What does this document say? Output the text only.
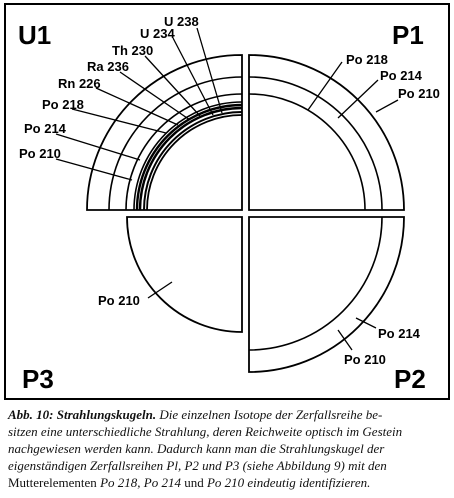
U1	P1
P3	P2
U 238
U 234
Th 230
Ra 236
Rn 226
Po 218
Po 214
Po 210
Po 218
Po 214
Po 210
Po 210
Po 214
Po 210
Abb. 10: Strahlungskugeln. Die einzelnen Isotope der Zerfallsreihe be-
sitzen eine unterschiedliche Strahlung, deren Reichweite optisch im Gestein
nachgewiesen werden kann. Dadurch kann man die Strahlungskugel der
eigenständigen Zerfallsreihen Pl, P2 und P3 (siehe Abbildung 9) mit den
Mutterelementen Po 218, Po 214 und Po 210 eindeutig identifizieren.
